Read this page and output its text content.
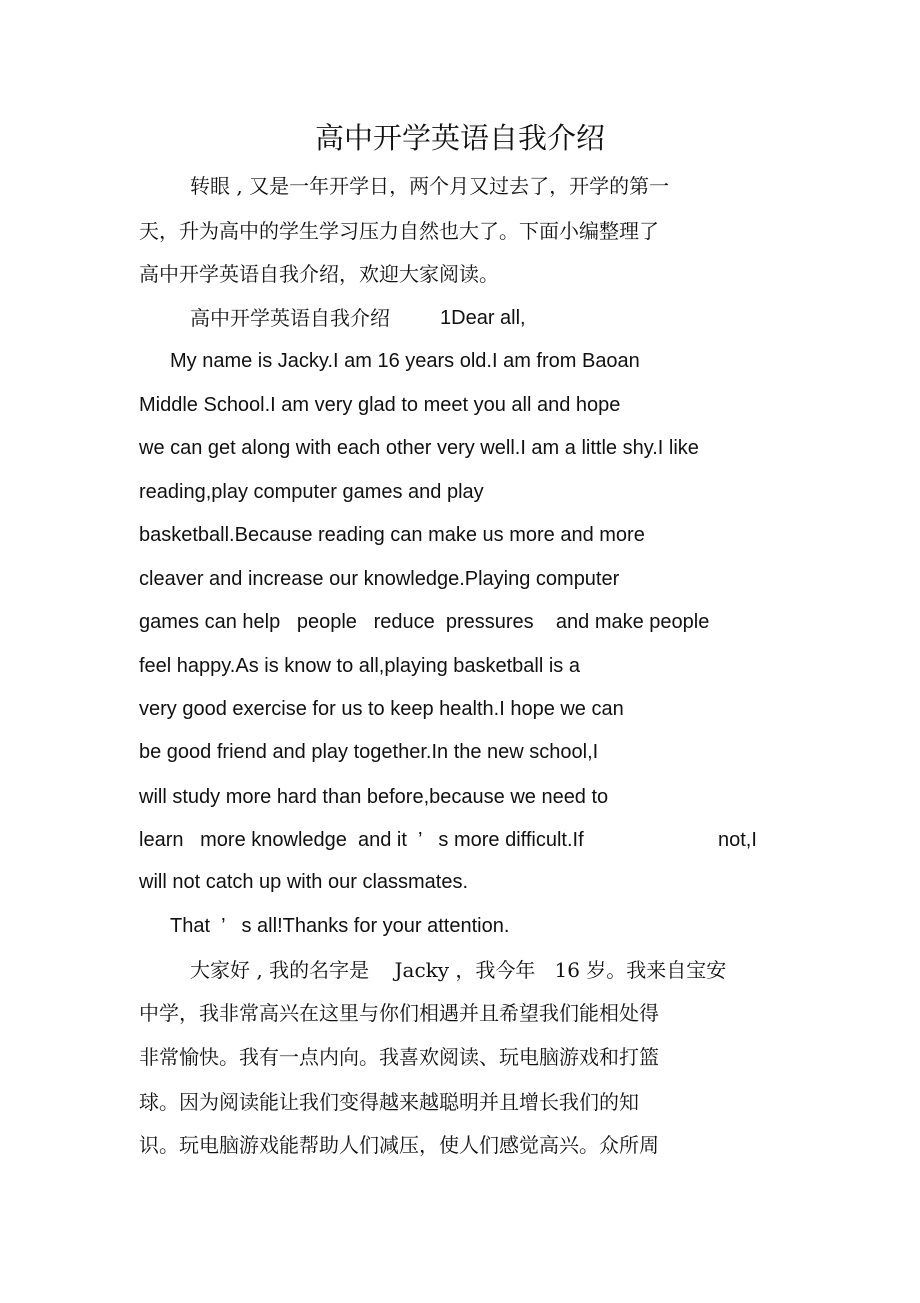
高中开学英语自我介绍
转眼 , 又是一年开学日，两个月又过去了，开学的第一
天，升为高中的学生学习压力自然也大了。下面小编整理了
高中开学英语自我介绍，欢迎大家阅读。
高中开学英语自我介绍	1Dear all,
My name is Jacky.I am 16 years old.I am from Baoan
Middle School.I am very glad to meet you all and hope
we can get along with each other very well.I am a little shy.I like
reading,play computer games and play
basketball.Because reading can make us more and more
cleaver and increase our knowledge.Playing computer
games can help   people   reduce  pressures    and make people
feel happy.As is know to all,playing basketball is a
very good exercise for us to keep health.I hope we can
be good friend and play together.In the new school,I
will study more hard than before,because we need to
learn   more knowledge  and it  ’   s more difficult.If	not,I
will not catch up with our classmates.
That  ’   s all!Thanks for your attention.
大家好 , 我的名字是    Jacky ，我今年   16 岁。我来自宝安
中学，我非常高兴在这里与你们相遇并且希望我们能相处得
非常愉快。我有一点内向。我喜欢阅读、玩电脑游戏和打篮
球。因为阅读能让我们变得越来越聪明并且增长我们的知
识。玩电脑游戏能帮助人们减压，使人们感觉高兴。众所周
